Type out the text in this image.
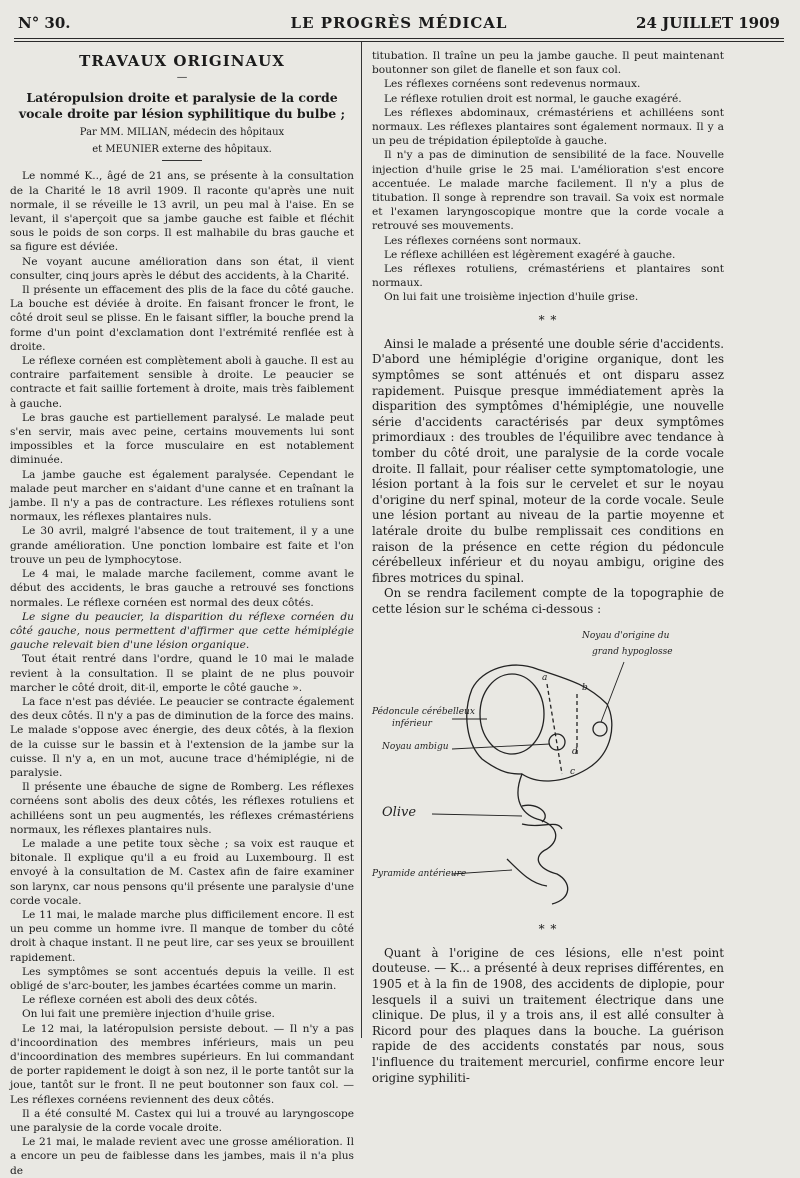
N° 30.	LE PROGRÈS MÉDICAL	24 JUILLET 1909

TRAVAUX ORIGINAUX

—

Latéropulsion droite et paralysie de la corde vocale droite par lésion syphilitique du bulbe ;

Par MM. MILIAN, médecin des hôpitaux

et MEUNIER externe des hôpitaux.

Le nommé K.., âgé de 21 ans, se présente à la consultation de la Charité le 18 avril 1909. Il raconte qu'après une nuit normale, il se réveille le 13 avril, un peu mal à l'aise. En se levant, il s'aperçoit que sa jambe gauche est faible et fléchit sous le poids de son corps. Il est malhabile du bras gauche et sa figure est déviée.

Ne voyant aucune amélioration dans son état, il vient consulter, cinq jours après le début des accidents, à la Charité.

Il présente un effacement des plis de la face du côté gauche. La bouche est déviée à droite. En faisant froncer le front, le côté droit seul se plisse. En le faisant siffler, la bouche prend la forme d'un point d'exclamation dont l'extrémité renflée est à droite.

Le réflexe cornéen est complètement aboli à gauche. Il est au contraire parfaitement sensible à droite. Le peaucier se contracte et fait saillie fortement à droite, mais très faiblement à gauche.

Le bras gauche est partiellement paralysé. Le malade peut s'en servir, mais avec peine, certains mouvements lui sont impossibles et la force musculaire en est notablement diminuée.

La jambe gauche est également paralysée. Cependant le malade peut marcher en s'aidant d'une canne et en traînant la jambe. Il n'y a pas de contracture. Les réflexes rotuliens sont normaux, les réflexes plantaires nuls.

Le 30 avril, malgré l'absence de tout traitement, il y a une grande amélioration. Une ponction lombaire est faite et l'on trouve un peu de lymphocytose.

Le 4 mai, le malade marche facilement, comme avant le début des accidents, le bras gauche a retrouvé ses fonctions normales. Le réflexe cornéen est normal des deux côtés.

Le signe du peaucier, la disparition du réflexe cornéen du côté gauche, nous permettent d'affirmer que cette hémiplégie gauche relevait bien d'une lésion organique.

Tout était rentré dans l'ordre, quand le 10 mai le malade revient à la consultation. Il se plaint de ne plus pouvoir marcher le côté droit, dit-il, emporte le côté gauche ».

La face n'est pas déviée. Le peaucier se contracte également des deux côtés. Il n'y a pas de diminution de la force des mains. Le malade s'oppose avec énergie, des deux côtés, à la flexion de la cuisse sur le bassin et à l'extension de la jambe sur la cuisse. Il n'y a, en un mot, aucune trace d'hémiplégie, ni de paralysie.

Il présente une ébauche de signe de Romberg. Les réflexes cornéens sont abolis des deux côtés, les réflexes rotuliens et achilléens sont un peu augmentés, les réflexes crémastériens normaux, les réflexes plantaires nuls.

Le malade a une petite toux sèche ; sa voix est rauque et bitonale. Il explique qu'il a eu froid au Luxembourg. Il est envoyé à la consultation de M. Castex afin de faire examiner son larynx, car nous pensons qu'il présente une paralysie d'une corde vocale.

Le 11 mai, le malade marche plus difficilement encore. Il est un peu comme un homme ivre. Il manque de tomber du côté droit à chaque instant. Il ne peut lire, car ses yeux se brouillent rapidement.

Les symptômes se sont accentués depuis la veille. Il est obligé de s'arc-bouter, les jambes écartées comme un marin.

Le réflexe cornéen est aboli des deux côtés.

On lui fait une première injection d'huile grise.

Le 12 mai, la latéropulsion persiste debout. — Il n'y a pas d'incoordination des membres inférieurs, mais un peu d'incoordination des membres supérieurs. En lui commandant de porter rapidement le doigt à son nez, il le porte tantôt sur la joue, tantôt sur le front. Il ne peut boutonner son faux col. — Les réflexes cornéens reviennent des deux côtés.

Il a été consulté M. Castex qui lui a trouvé au laryngoscope une paralysie de la corde vocale droite.

Le 21 mai, le malade revient avec une grosse amélioration. Il a encore un peu de faiblesse dans les jambes, mais il n'a plus de

titubation. Il traîne un peu la jambe gauche. Il peut maintenant boutonner son gilet de flanelle et son faux col.

Les réflexes cornéens sont redevenus normaux.

Le réflexe rotulien droit est normal, le gauche exagéré.

Les réflexes abdominaux, crémastériens et achilléens sont normaux. Les réflexes plantaires sont également normaux. Il y a un peu de trépidation épileptoïde à gauche.

Il n'y a pas de diminution de sensibilité de la face. Nouvelle injection d'huile grise le 25 mai. L'amélioration s'est encore accentuée. Le malade marche facilement. Il n'y a plus de titubation. Il songe à reprendre son travail. Sa voix est normale et l'examen laryngoscopique montre que la corde vocale a retrouvé ses mouvements.

Les réflexes cornéens sont normaux.

Le réflexe achilléen est légèrement exagéré à gauche.

Les réflexes rotuliens, crémastériens et plantaires sont normaux.

On lui fait une troisième injection d'huile grise.

* *

Ainsi le malade a présenté une double série d'accidents. D'abord une hémiplégie d'origine organique, dont les symptômes se sont atténués et ont disparu assez rapidement. Puisque presque immédiatement après la disparition des symptômes d'hémiplégie, une nouvelle série d'accidents caractérisés par deux symptômes primordiaux : des troubles de l'équilibre avec tendance à tomber du côté droit, une paralysie de la corde vocale droite. Il fallait, pour réaliser cette symptomatologie, une lésion portant à la fois sur le cervelet et sur le noyau d'origine du nerf spinal, moteur de la corde vocale. Seule une lésion portant au niveau de la partie moyenne et latérale droite du bulbe remplissait ces conditions en raison de la présence en cette région du pédoncule cérébelleux inférieur et du noyau ambigu, origine des fibres motrices du spinal.

On se rendra facilement compte de la topographie de cette lésion sur le schéma ci-dessous :

Noyau d'origine du
grand hypoglosse
Pédoncule cérébelleux
inférieur
Noyau ambigu
Olive
Pyramide antérieure
a
b
c
d

* *

Quant à l'origine de ces lésions, elle n'est point douteuse. — K... a présenté à deux reprises différentes, en 1905 et à la fin de 1908, des accidents de diplopie, pour lesquels il a suivi un traitement électrique dans une clinique. De plus, il y a trois ans, il est allé consulter à Ricord pour des plaques dans la bouche. La guérison rapide de des accidents constatés par nous, sous l'influence du traitement mercuriel, confirme encore leur origine syphiliti-
